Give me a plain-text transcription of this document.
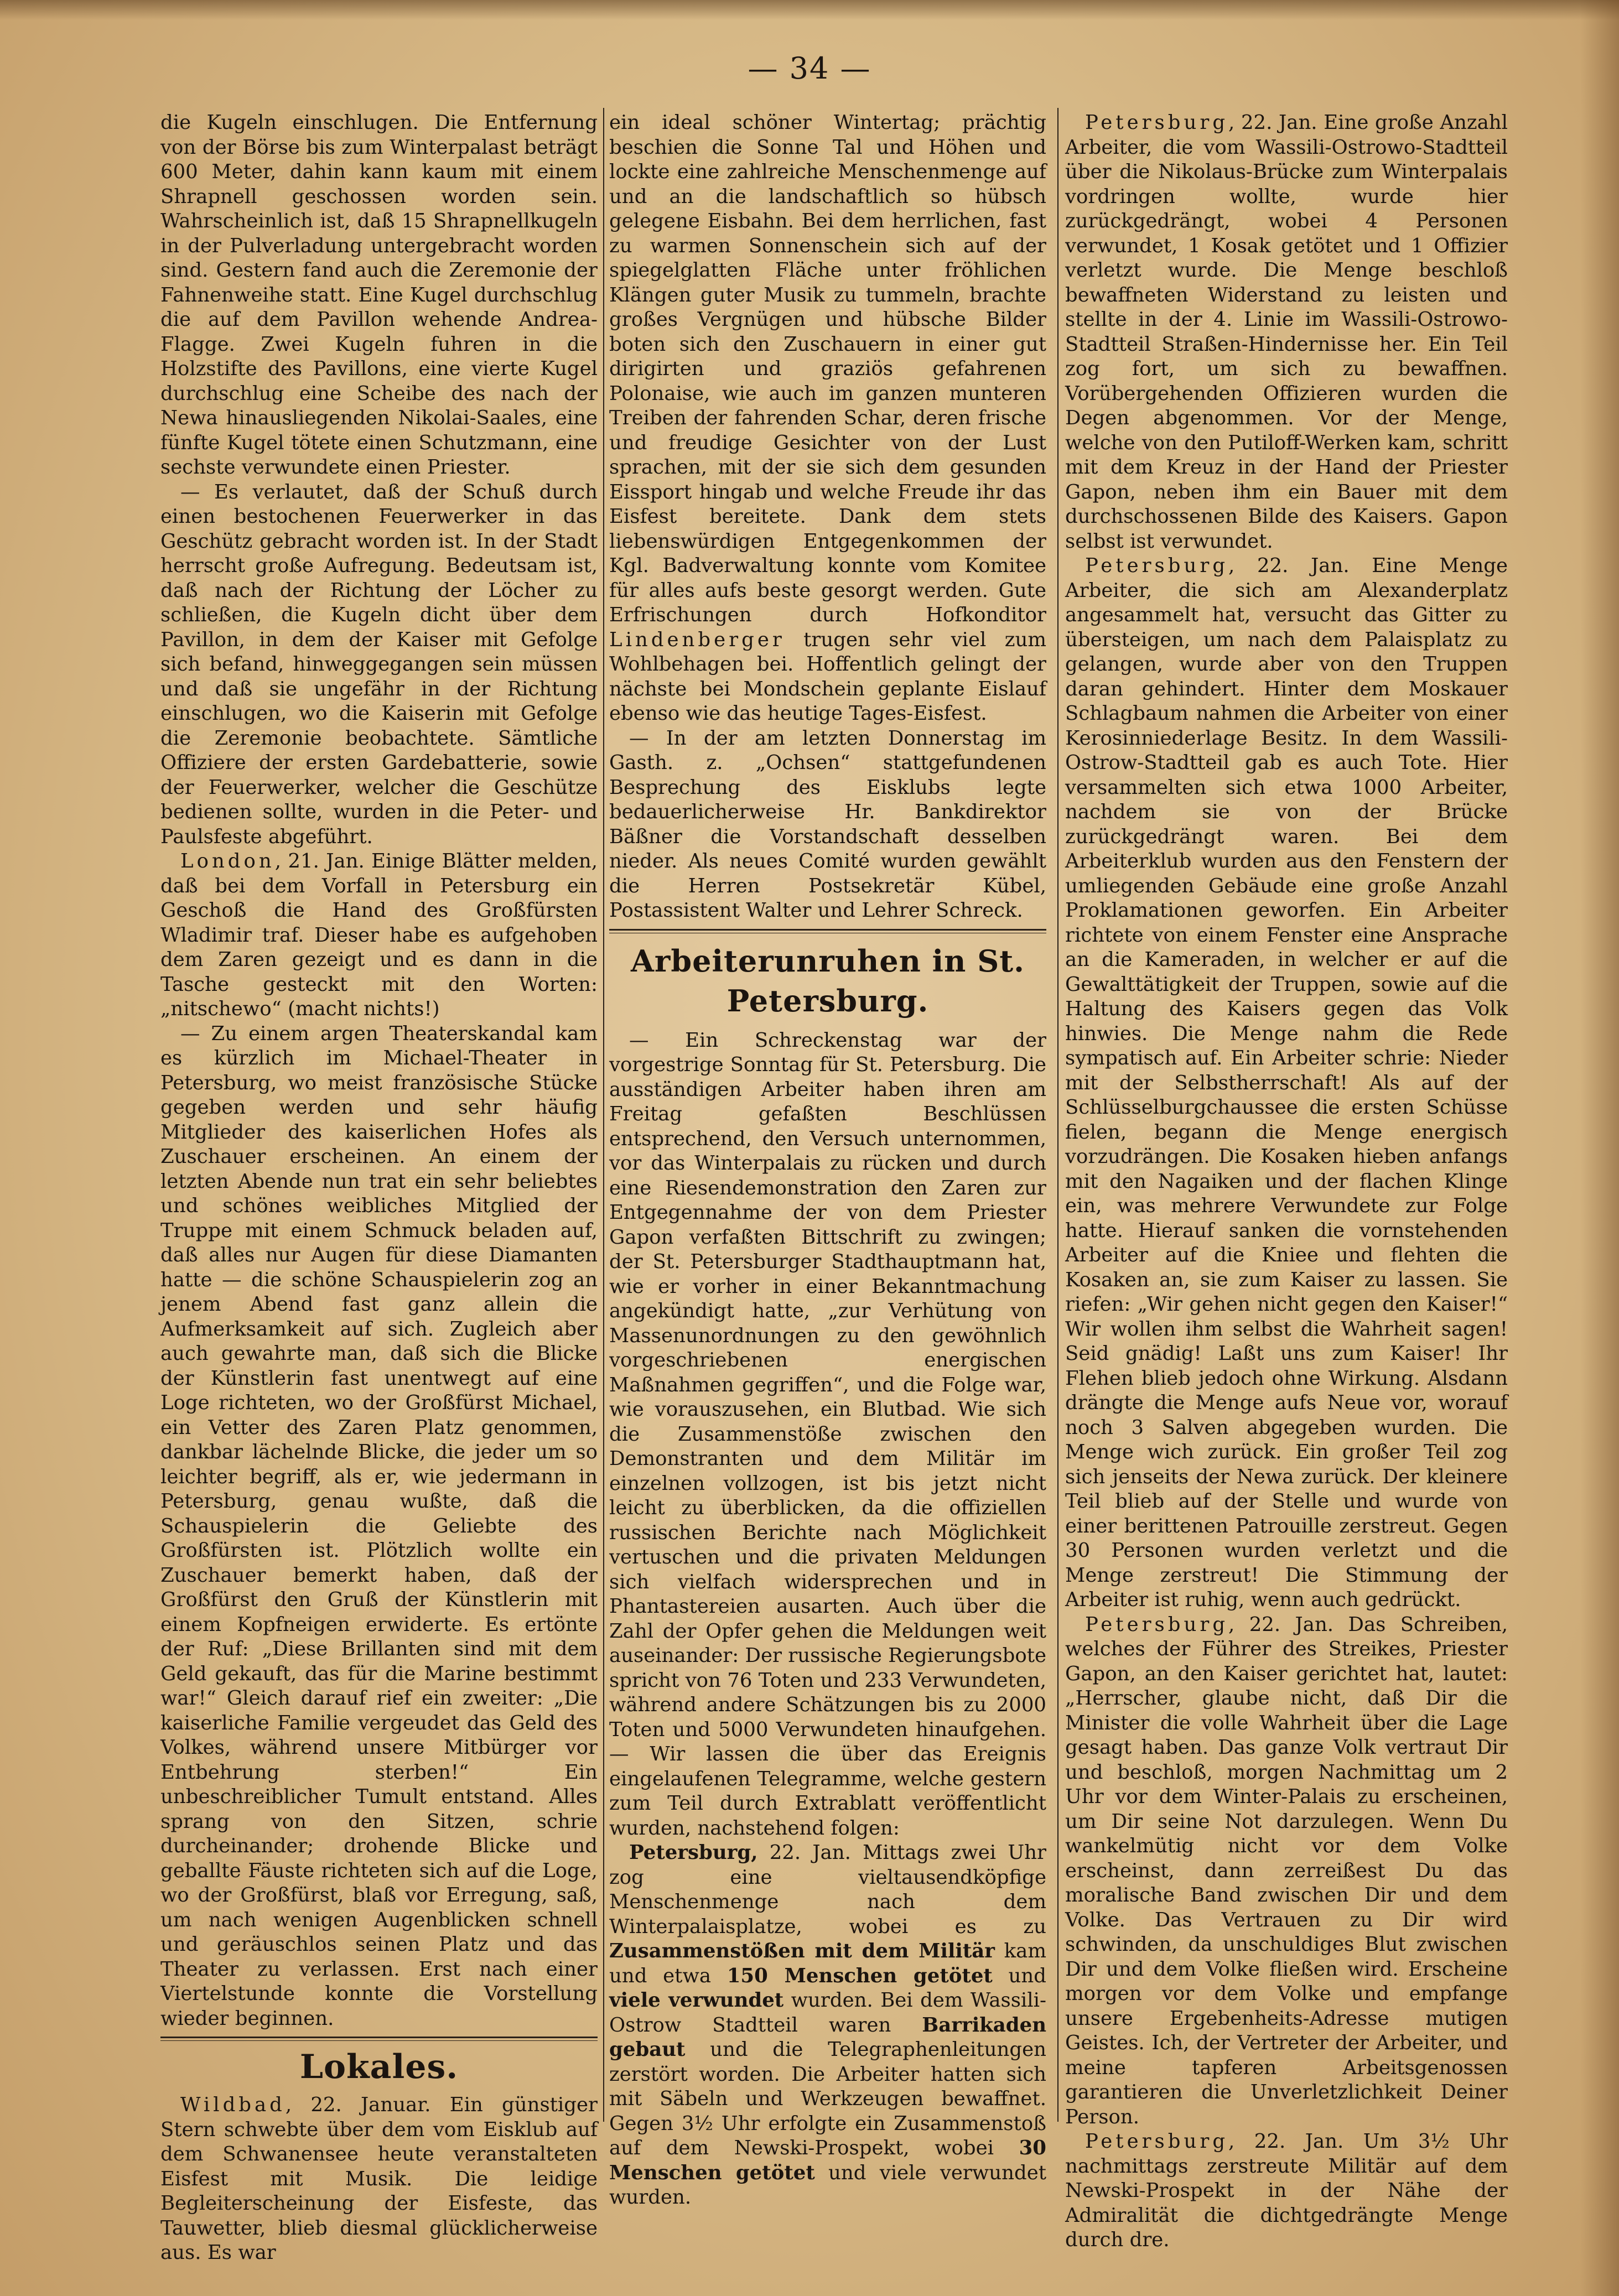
— 34 —

die Kugeln einschlugen. Die Entfernung von der Börse bis zum Winterpalast beträgt 600 Meter, dahin kann kaum mit einem Shrapnell geschossen worden sein. Wahrscheinlich ist, daß 15 Shrapnellkugeln in der Pulverladung untergebracht worden sind. Gestern fand auch die Zeremonie der Fahnenweihe statt. Eine Kugel durchschlug die auf dem Pavillon wehende Andrea-Flagge. Zwei Kugeln fuhren in die Holzstifte des Pavillons, eine vierte Kugel durchschlug eine Scheibe des nach der Newa hinausliegenden Nikolai-Saales, eine fünfte Kugel tötete einen Schutzmann, eine sechste verwundete einen Priester.

— Es verlautet, daß der Schuß durch einen bestochenen Feuerwerker in das Geschütz gebracht worden ist. In der Stadt herrscht große Aufregung. Bedeutsam ist, daß nach der Richtung der Löcher zu schließen, die Kugeln dicht über dem Pavillon, in dem der Kaiser mit Gefolge sich befand, hinweggegangen sein müssen und daß sie ungefähr in der Richtung einschlugen, wo die Kaiserin mit Gefolge die Zeremonie beobachtete. Sämtliche Offiziere der ersten Gardebatterie, sowie der Feuerwerker, welcher die Geschütze bedienen sollte, wurden in die Peter- und Paulsfeste abgeführt.

London, 21. Jan. Einige Blätter melden, daß bei dem Vorfall in Petersburg ein Geschoß die Hand des Großfürsten Wladimir traf. Dieser habe es aufgehoben dem Zaren gezeigt und es dann in die Tasche gesteckt mit den Worten: „nitschewo“ (macht nichts!)

— Zu einem argen Theaterskandal kam es kürzlich im Michael-Theater in Petersburg, wo meist französische Stücke gegeben werden und sehr häufig Mitglieder des kaiserlichen Hofes als Zuschauer erscheinen. An einem der letzten Abende nun trat ein sehr beliebtes und schönes weibliches Mitglied der Truppe mit einem Schmuck beladen auf, daß alles nur Augen für diese Diamanten hatte — die schöne Schauspielerin zog an jenem Abend fast ganz allein die Aufmerksamkeit auf sich. Zugleich aber auch gewahrte man, daß sich die Blicke der Künstlerin fast unentwegt auf eine Loge richteten, wo der Großfürst Michael, ein Vetter des Zaren Platz genommen, dankbar lächelnde Blicke, die jeder um so leichter begriff, als er, wie jedermann in Petersburg, genau wußte, daß die Schauspielerin die Geliebte des Großfürsten ist. Plötzlich wollte ein Zuschauer bemerkt haben, daß der Großfürst den Gruß der Künstlerin mit einem Kopfneigen erwiderte. Es ertönte der Ruf: „Diese Brillanten sind mit dem Geld gekauft, das für die Marine bestimmt war!“ Gleich darauf rief ein zweiter: „Die kaiserliche Familie vergeudet das Geld des Volkes, während unsere Mitbürger vor Entbehrung sterben!“ Ein unbeschreiblicher Tumult entstand. Alles sprang von den Sitzen, schrie durcheinander; drohende Blicke und geballte Fäuste richteten sich auf die Loge, wo der Großfürst, blaß vor Erregung, saß, um nach wenigen Augenblicken schnell und geräuschlos seinen Platz und das Theater zu verlassen. Erst nach einer Viertelstunde konnte die Vorstellung wieder beginnen.

Lokales.

Wildbad, 22. Januar. Ein günstiger Stern schwebte über dem vom Eisklub auf dem Schwanensee heute veranstalteten Eisfest mit Musik. Die leidige Begleiterscheinung der Eisfeste, das Tauwetter, blieb diesmal glücklicherweise aus. Es war

ein ideal schöner Wintertag; prächtig beschien die Sonne Tal und Höhen und lockte eine zahlreiche Menschenmenge auf und an die landschaftlich so hübsch gelegene Eisbahn. Bei dem herrlichen, fast zu warmen Sonnenschein sich auf der spiegelglatten Fläche unter fröhlichen Klängen guter Musik zu tummeln, brachte großes Vergnügen und hübsche Bilder boten sich den Zuschauern in einer gut dirigirten und graziös gefahrenen Polonaise, wie auch im ganzen munteren Treiben der fahrenden Schar, deren frische und freudige Gesichter von der Lust sprachen, mit der sie sich dem gesunden Eissport hingab und welche Freude ihr das Eisfest bereitete. Dank dem stets liebenswürdigen Entgegenkommen der Kgl. Badverwaltung konnte vom Komitee für alles aufs beste gesorgt werden. Gute Erfrischungen durch Hofkonditor Lindenberger trugen sehr viel zum Wohlbehagen bei. Hoffentlich gelingt der nächste bei Mondschein geplante Eislauf ebenso wie das heutige Tages-Eisfest.

— In der am letzten Donnerstag im Gasth. z. „Ochsen“ stattgefundenen Besprechung des Eisklubs legte bedauerlicherweise Hr. Bankdirektor Bäßner die Vorstandschaft desselben nieder. Als neues Comité wurden gewählt die Herren Postsekretär Kübel, Postassistent Walter und Lehrer Schreck.

Arbeiterunruhen in St. Petersburg.

— Ein Schreckenstag war der vorgestrige Sonntag für St. Petersburg. Die ausständigen Arbeiter haben ihren am Freitag gefaßten Beschlüssen entsprechend, den Versuch unternommen, vor das Winterpalais zu rücken und durch eine Riesendemonstration den Zaren zur Entgegennahme der von dem Priester Gapon verfaßten Bittschrift zu zwingen; der St. Petersburger Stadthauptmann hat, wie er vorher in einer Bekanntmachung angekündigt hatte, „zur Verhütung von Massenunordnungen zu den gewöhnlich vorgeschriebenen energischen Maßnahmen gegriffen“, und die Folge war, wie vorauszusehen, ein Blutbad. Wie sich die Zusammenstöße zwischen den Demonstranten und dem Militär im einzelnen vollzogen, ist bis jetzt nicht leicht zu überblicken, da die offiziellen russischen Berichte nach Möglichkeit vertuschen und die privaten Meldungen sich vielfach widersprechen und in Phantastereien ausarten. Auch über die Zahl der Opfer gehen die Meldungen weit auseinander: Der russische Regierungsbote spricht von 76 Toten und 233 Verwundeten, während andere Schätzungen bis zu 2000 Toten und 5000 Verwundeten hinaufgehen. — Wir lassen die über das Ereignis eingelaufenen Telegramme, welche gestern zum Teil durch Extrablatt veröffentlicht wurden, nachstehend folgen:

Petersburg, 22. Jan. Mittags zwei Uhr zog eine vieltausendköpfige Menschenmenge nach dem Winterpalaisplatze, wobei es zu Zusammenstößen mit dem Militär kam und etwa 150 Menschen getötet und viele verwundet wurden. Bei dem Wassili-Ostrow Stadtteil waren Barrikaden gebaut und die Telegraphenleitungen zerstört worden. Die Arbeiter hatten sich mit Säbeln und Werkzeugen bewaffnet. Gegen 3½ Uhr erfolgte ein Zusammenstoß auf dem Newski-Prospekt, wobei 30 Menschen getötet und viele verwundet wurden.

Petersburg, 22. Jan. Eine große Anzahl Arbeiter, die vom Wassili-Ostrowo-Stadtteil über die Nikolaus-Brücke zum Winterpalais vordringen wollte, wurde hier zurückgedrängt, wobei 4 Personen verwundet, 1 Kosak getötet und 1 Offizier verletzt wurde. Die Menge beschloß bewaffneten Widerstand zu leisten und stellte in der 4. Linie im Wassili-Ostrowo-Stadtteil Straßen-Hindernisse her. Ein Teil zog fort, um sich zu bewaffnen. Vorübergehenden Offizieren wurden die Degen abgenommen. Vor der Menge, welche von den Putiloff-Werken kam, schritt mit dem Kreuz in der Hand der Priester Gapon, neben ihm ein Bauer mit dem durchschossenen Bilde des Kaisers. Gapon selbst ist verwundet.

Petersburg, 22. Jan. Eine Menge Arbeiter, die sich am Alexanderplatz angesammelt hat, versucht das Gitter zu übersteigen, um nach dem Palaisplatz zu gelangen, wurde aber von den Truppen daran gehindert. Hinter dem Moskauer Schlagbaum nahmen die Arbeiter von einer Kerosinniederlage Besitz. In dem Wassili-Ostrow-Stadtteil gab es auch Tote. Hier versammelten sich etwa 1000 Arbeiter, nachdem sie von der Brücke zurückgedrängt waren. Bei dem Arbeiterklub wurden aus den Fenstern der umliegenden Gebäude eine große Anzahl Proklamationen geworfen. Ein Arbeiter richtete von einem Fenster eine Ansprache an die Kameraden, in welcher er auf die Gewalttätigkeit der Truppen, sowie auf die Haltung des Kaisers gegen das Volk hinwies. Die Menge nahm die Rede sympatisch auf. Ein Arbeiter schrie: Nieder mit der Selbstherrschaft! Als auf der Schlüsselburgchaussee die ersten Schüsse fielen, begann die Menge energisch vorzudrängen. Die Kosaken hieben anfangs mit den Nagaiken und der flachen Klinge ein, was mehrere Verwundete zur Folge hatte. Hierauf sanken die vornstehenden Arbeiter auf die Kniee und flehten die Kosaken an, sie zum Kaiser zu lassen. Sie riefen: „Wir gehen nicht gegen den Kaiser!“ Wir wollen ihm selbst die Wahrheit sagen! Seid gnädig! Laßt uns zum Kaiser! Ihr Flehen blieb jedoch ohne Wirkung. Alsdann drängte die Menge aufs Neue vor, worauf noch 3 Salven abgegeben wurden. Die Menge wich zurück. Ein großer Teil zog sich jenseits der Newa zurück. Der kleinere Teil blieb auf der Stelle und wurde von einer berittenen Patrouille zerstreut. Gegen 30 Personen wurden verletzt und die Menge zerstreut! Die Stimmung der Arbeiter ist ruhig, wenn auch gedrückt.

Petersburg, 22. Jan. Das Schreiben, welches der Führer des Streikes, Priester Gapon, an den Kaiser gerichtet hat, lautet: „Herrscher, glaube nicht, daß Dir die Minister die volle Wahrheit über die Lage gesagt haben. Das ganze Volk vertraut Dir und beschloß, morgen Nachmittag um 2 Uhr vor dem Winter-Palais zu erscheinen, um Dir seine Not darzulegen. Wenn Du wankelmütig nicht vor dem Volke erscheinst, dann zerreißest Du das moralische Band zwischen Dir und dem Volke. Das Vertrauen zu Dir wird schwinden, da unschuldiges Blut zwischen Dir und dem Volke fließen wird. Erscheine morgen vor dem Volke und empfange unsere Ergebenheits-Adresse mutigen Geistes. Ich, der Vertreter der Arbeiter, und meine tapferen Arbeitsgenossen garantieren die Unverletzlichkeit Deiner Person.

Petersburg, 22. Jan. Um 3½ Uhr nachmittags zerstreute Militär auf dem Newski-Prospekt in der Nähe der Admiralität die dichtgedrängte Menge durch dre.
